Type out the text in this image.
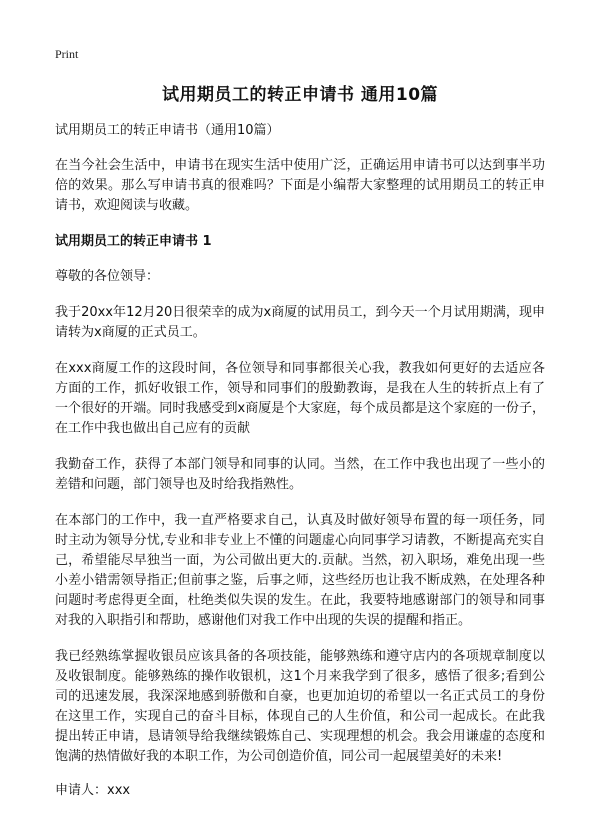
Print
试用期员工的转正申请书 通用10篇

试用期员工的转正申请书（通用10篇）

在当今社会生活中，申请书在现实生活中使用广泛，正确运用申请书可以达到事半功倍的效果。那么写申请书真的很难吗？下面是小编帮大家整理的试用期员工的转正申请书，欢迎阅读与收藏。

试用期员工的转正申请书 1

尊敬的各位领导：

我于20xx年12月20日很荣幸的成为x商厦的试用员工，到今天一个月试用期满，现申请转为x商厦的正式员工。

在xxx商厦工作的这段时间，各位领导和同事都很关心我，教我如何更好的去适应各方面的工作，抓好收银工作，领导和同事们的殷勤教诲，是我在人生的转折点上有了一个很好的开端。同时我感受到x商厦是个大家庭，每个成员都是这个家庭的一份子，在工作中我也做出自己应有的贡献

我勤奋工作，获得了本部门领导和同事的认同。当然，在工作中我也出现了一些小的差错和问题，部门领导也及时给我指熟性。

在本部门的工作中，我一直严格要求自己，认真及时做好领导布置的每一项任务，同时主动为领导分忧,专业和非专业上不懂的问题虚心向同事学习请教，不断提高充实自己，希望能尽早独当一面，为公司做出更大的.贡献。当然，初入职场，难免出现一些小差小错需领导指正;但前事之鉴，后事之师，这些经历也让我不断成熟，在处理各种问题时考虑得更全面，杜绝类似失误的发生。在此，我要特地感谢部门的领导和同事对我的入职指引和帮助，感谢他们对我工作中出现的失误的提醒和指正。

我已经熟练掌握收银员应该具备的各项技能，能够熟练和遵守店内的各项规章制度以及收银制度。能够熟练的操作收银机，这1个月来我学到了很多，感悟了很多;看到公司的迅速发展，我深深地感到骄傲和自豪，也更加迫切的希望以一名正式员工的身份在这里工作，实现自己的奋斗目标，体现自己的人生价值，和公司一起成长。在此我提出转正申请，恳请领导给我继续锻炼自己、实现理想的机会。我会用谦虚的态度和饱满的热情做好我的本职工作，为公司创造价值，同公司一起展望美好的未来!

申请人：xxx
